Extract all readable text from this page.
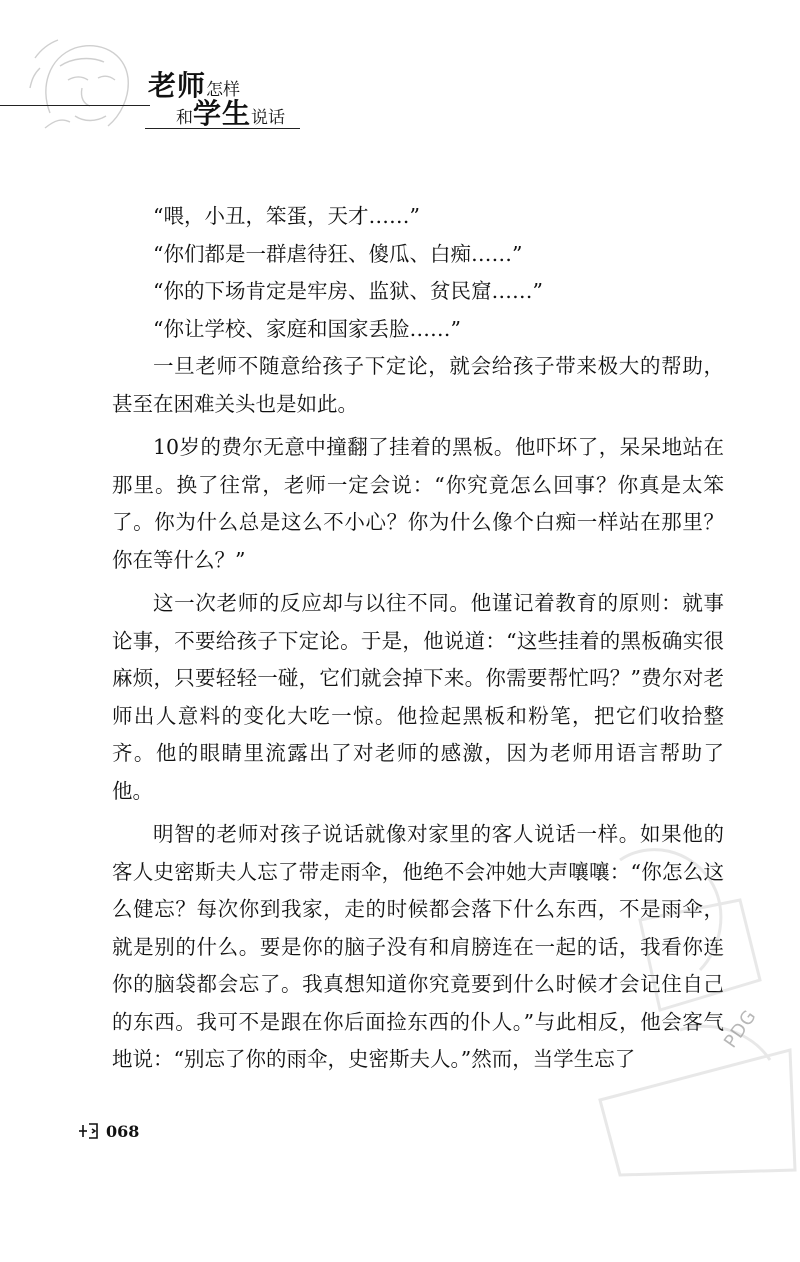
老师怎样
和学生说话

“喂，小丑，笨蛋，天才……”

“你们都是一群虐待狂、傻瓜、白痴……”

“你的下场肯定是牢房、监狱、贫民窟……”

“你让学校、家庭和国家丢脸……”

一旦老师不随意给孩子下定论，就会给孩子带来极大的帮助，甚至在困难关头也是如此。

10岁的费尔无意中撞翻了挂着的黑板。他吓坏了，呆呆地站在那里。换了往常，老师一定会说：“你究竟怎么回事？你真是太笨了。你为什么总是这么不小心？你为什么像个白痴一样站在那里？你在等什么？”

这一次老师的反应却与以往不同。他谨记着教育的原则：就事论事，不要给孩子下定论。于是，他说道：“这些挂着的黑板确实很麻烦，只要轻轻一碰，它们就会掉下来。你需要帮忙吗？”费尔对老师出人意料的变化大吃一惊。他捡起黑板和粉笔，把它们收拾整齐。他的眼睛里流露出了对老师的感激，因为老师用语言帮助了他。

明智的老师对孩子说话就像对家里的客人说话一样。如果他的客人史密斯夫人忘了带走雨伞，他绝不会冲她大声嚷嚷：“你怎么这么健忘？每次你到我家，走的时候都会落下什么东西，不是雨伞，就是别的什么。要是你的脑子没有和肩膀连在一起的话，我看你连你的脑袋都会忘了。我真想知道你究竟要到什么时候才会记住自己的东西。我可不是跟在你后面捡东西的仆人。”与此相反，他会客气地说：“别忘了你的雨伞，史密斯夫人。”然而，当学生忘了

PDG
068
